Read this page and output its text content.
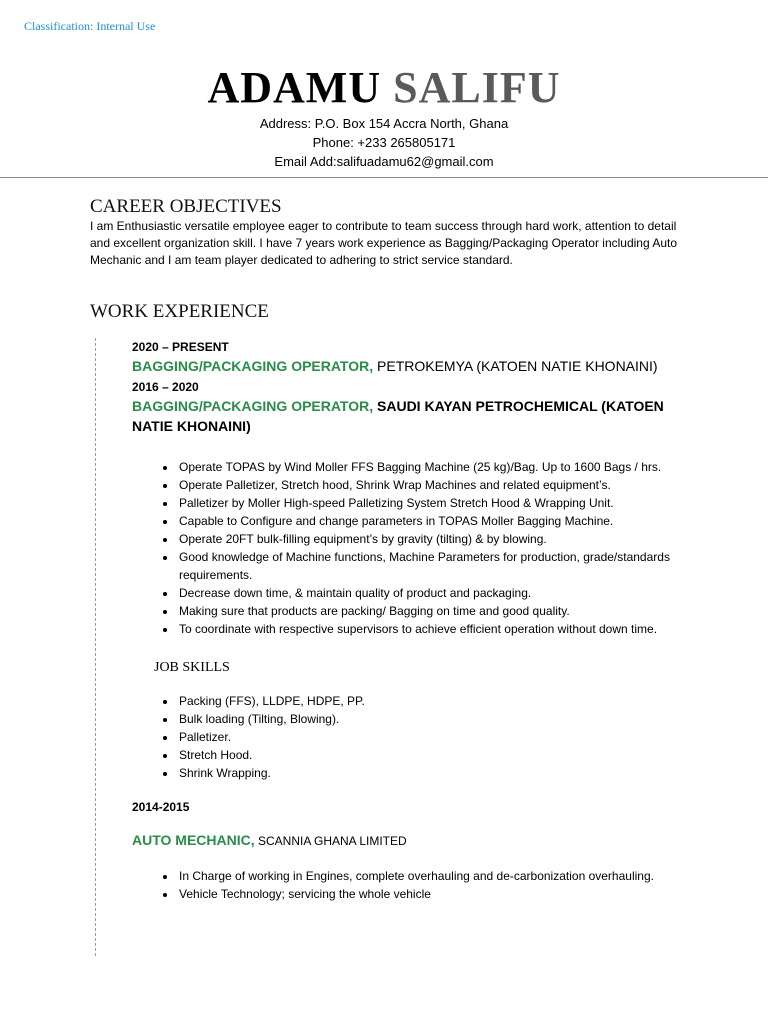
Classification: Internal Use
ADAMU SALIFU
Address: P.O. Box 154 Accra North, Ghana
Phone: +233 265805171
Email Add:salifuadamu62@gmail.com
CAREER OBJECTIVES
I am Enthusiastic versatile employee eager to contribute to team success through hard work, attention to detail and excellent organization skill. I have 7 years work experience as Bagging/Packaging Operator including Auto Mechanic and I am team player dedicated to adhering to strict service standard.
WORK EXPERIENCE
2020 – PRESENT
BAGGING/PACKAGING OPERATOR, PETROKEMYA (KATOEN NATIE KHONAINI)
2016 – 2020
BAGGING/PACKAGING OPERATOR, SAUDI KAYAN PETROCHEMICAL (KATOEN NATIE KHONAINI)
• Operate TOPAS by Wind Moller FFS Bagging Machine (25 kg)/Bag. Up to 1600 Bags / hrs.
• Operate Palletizer, Stretch hood, Shrink Wrap Machines and related equipment’s.
• Palletizer by Moller High-speed Palletizing System Stretch Hood & Wrapping Unit.
• Capable to Configure and change parameters in TOPAS Moller Bagging Machine.
• Operate 20FT bulk-filling equipment’s by gravity (tilting) & by blowing.
• Good knowledge of Machine functions, Machine Parameters for production, grade/standards requirements.
• Decrease down time, & maintain quality of product and packaging.
• Making sure that products are packing/ Bagging on time and good quality.
• To coordinate with respective supervisors to achieve efficient operation without down time.
JOB SKILLS
• Packing (FFS), LLDPE, HDPE, PP.
• Bulk loading (Tilting, Blowing).
• Palletizer.
• Stretch Hood.
• Shrink Wrapping.
2014-2015
AUTO MECHANIC, SCANNIA GHANA LIMITED
• In Charge of working in Engines, complete overhauling and de-carbonization overhauling.
• Vehicle Technology; servicing the whole vehicle
